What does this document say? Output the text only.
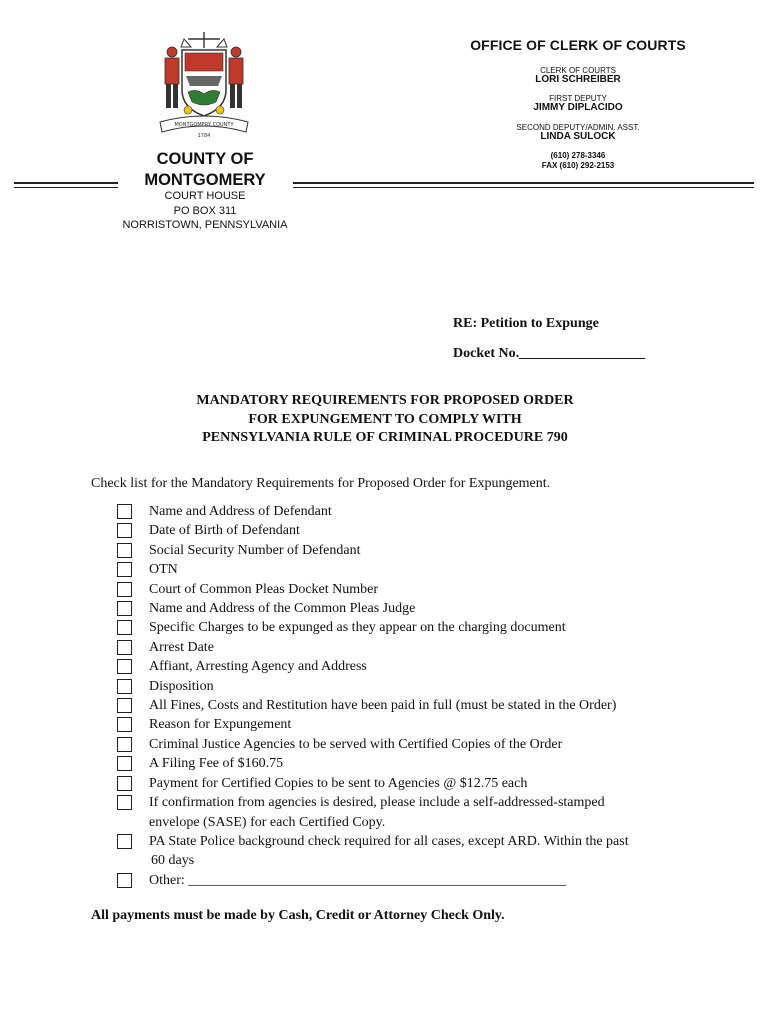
MONTGOMERY COUNTY
1784
OFFICE OF CLERK OF COURTS
CLERK OF COURTS
LORI SCHREIBER
FIRST DEPUTY
JIMMY DIPLACIDO
SECOND DEPUTY/ADMIN. ASST.
LINDA SULOCK
(610) 278-3346
FAX (610) 292-2153
COUNTY OF
MONTGOMERY
COURT HOUSE
PO BOX 311
NORRISTOWN, PENNSYLVANIA
RE: Petition to Expunge
Docket No.__________________
MANDATORY REQUIREMENTS FOR PROPOSED ORDER
FOR EXPUNGEMENT TO COMPLY WITH
PENNSYLVANIA RULE OF CRIMINAL PROCEDURE 790
Check list for the Mandatory Requirements for Proposed Order for Expungement.
Name and Address of Defendant
Date of Birth of Defendant
Social Security Number of Defendant
OTN
Court of Common Pleas Docket Number
Name and Address of the Common Pleas Judge
Specific Charges to be expunged as they appear on the charging document
Arrest Date
Affiant, Arresting Agency and Address
Disposition
All Fines, Costs and Restitution have been paid in full (must be stated in the Order)
Reason for Expungement
Criminal Justice Agencies to be served with Certified Copies of the Order
A Filing Fee of $160.75
Payment for Certified Copies to be sent to Agencies @ $12.75 each
If confirmation from agencies is desired, please include a self-addressed-stamped
envelope (SASE) for each Certified Copy.
PA State Police background check required for all cases, except ARD. Within the past
60 days
Other: ______________________________________________________
All payments must be made by Cash, Credit or Attorney Check Only.
